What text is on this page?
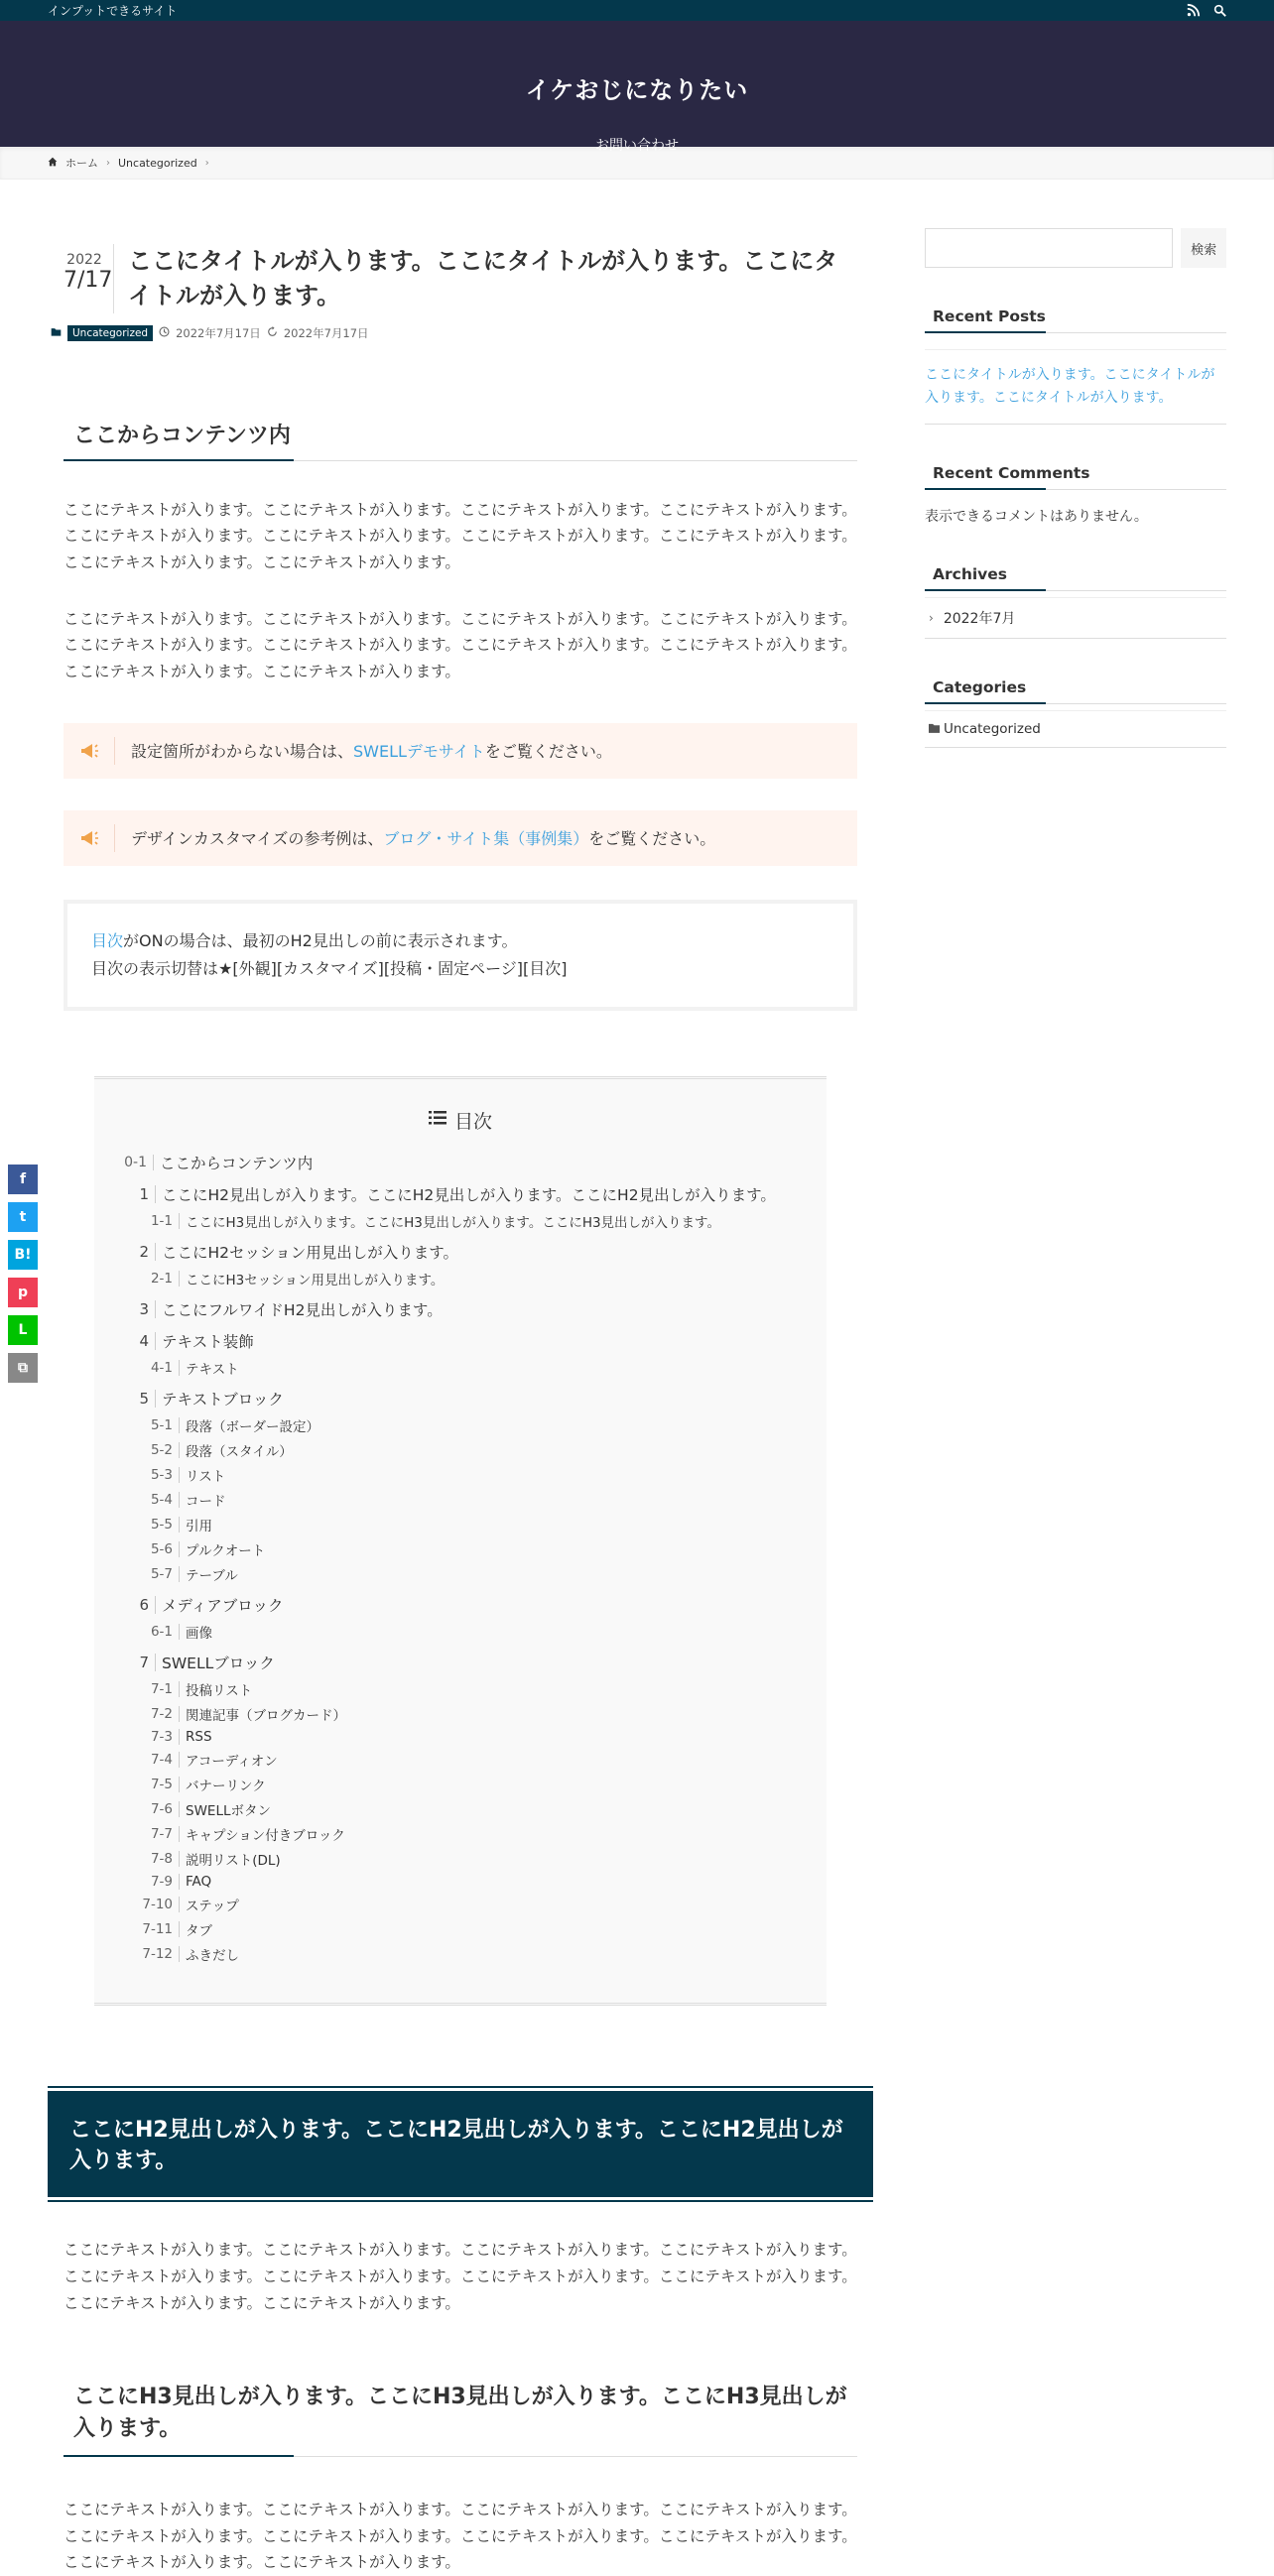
インプットできるサイト
イケおじになりたい
お問い合わせ
ホーム › Uncategorized ›
2022
7/17
ここにタイトルが入ります。ここにタイトルが入ります。ここにタイトルが入ります。
Uncategorized	2022年7月17日 2022年7月17日
ここからコンテンツ内

ここにテキストが入ります。ここにテキストが入ります。ここにテキストが入ります。ここにテキストが入ります。ここにテキストが入ります。ここにテキストが入ります。ここにテキストが入ります。ここにテキストが入ります。ここにテキストが入ります。ここにテキストが入ります。

ここにテキストが入ります。ここにテキストが入ります。ここにテキストが入ります。ここにテキストが入ります。ここにテキストが入ります。ここにテキストが入ります。ここにテキストが入ります。ここにテキストが入ります。ここにテキストが入ります。ここにテキストが入ります。

設定箇所がわからない場合は、SWELLデモサイトをご覧ください。
デザインカスタマイズの参考例は、ブログ・サイト集（事例集）をご覧ください。
目次がONの場合は、最初のH2見出しの前に表示されます。
目次の表示切替は★[外観][カスタマイズ][投稿・固定ページ][目次]
目次
0-1 ここからコンテンツ内
1 ここにH2見出しが入ります。ここにH2見出しが入ります。ここにH2見出しが入ります。
1-1 ここにH3見出しが入ります。ここにH3見出しが入ります。ここにH3見出しが入ります。
2 ここにH2セッション用見出しが入ります。
2-1 ここにH3セッション用見出しが入ります。
3 ここにフルワイドH2見出しが入ります。
4 テキスト装飾
4-1 テキスト
5 テキストブロック
5-1 段落（ボーダー設定）
5-2 段落（スタイル）
5-3 リスト
5-4 コード
5-5 引用
5-6 プルクオート
5-7 テーブル
6 メディアブロック
6-1 画像
7 SWELLブロック
7-1 投稿リスト
7-2 関連記事（ブログカード）
7-3 RSS
7-4 アコーディオン
7-5 バナーリンク
7-6 SWELLボタン
7-7 キャプション付きブロック
7-8 説明リスト(DL)
7-9 FAQ
7-10 ステップ
7-11 タブ
7-12 ふきだし
ここにH2見出しが入ります。ここにH2見出しが入ります。ここにH2見出しが入ります。

ここにテキストが入ります。ここにテキストが入ります。ここにテキストが入ります。ここにテキストが入ります。ここにテキストが入ります。ここにテキストが入ります。ここにテキストが入ります。ここにテキストが入ります。ここにテキストが入ります。ここにテキストが入ります。

ここにH3見出しが入ります。ここにH3見出しが入ります。ここにH3見出しが入ります。

ここにテキストが入ります。ここにテキストが入ります。ここにテキストが入ります。ここにテキストが入ります。ここにテキストが入ります。ここにテキストが入ります。ここにテキストが入ります。ここにテキストが入ります。ここにテキストが入ります。ここにテキストが入ります。

検索
Recent Posts
ここにタイトルが入ります。ここにタイトルが入ります。ここにタイトルが入ります。
Recent Comments
表示できるコメントはありません。
Archives
› 2022年7月
Categories
Uncategorized
f
t
B!
p
L
⧉
